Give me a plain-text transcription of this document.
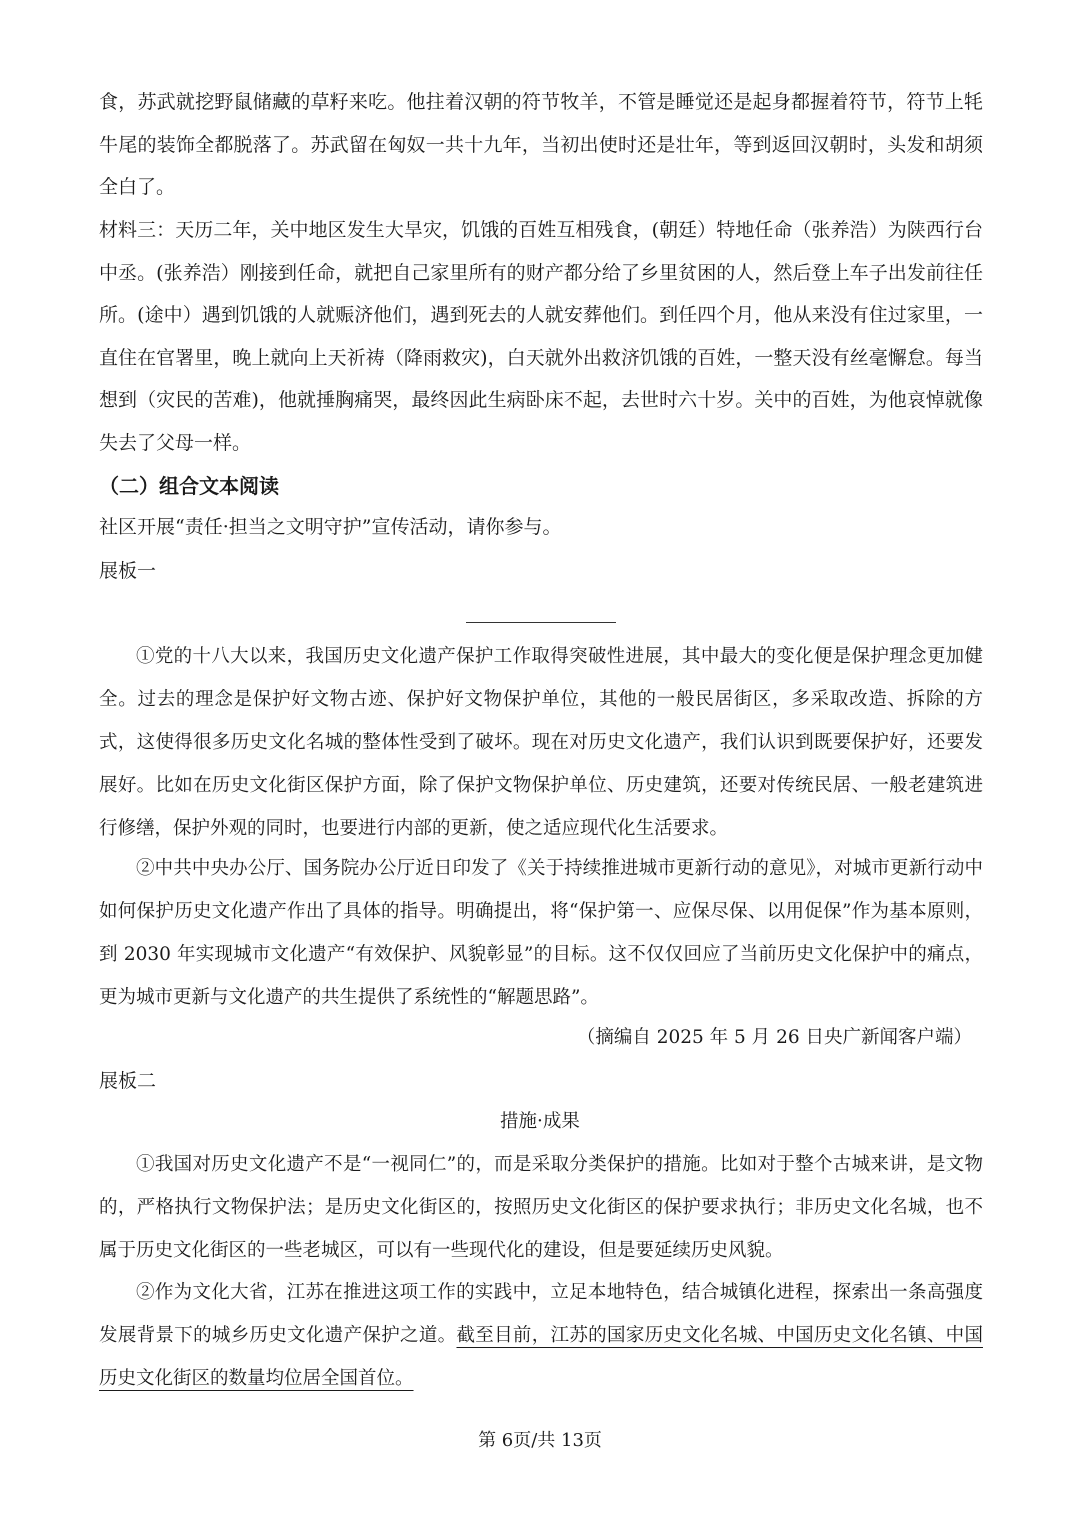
食，苏武就挖野鼠储藏的草籽来吃。他拄着汉朝的符节牧羊，不管是睡觉还是起身都握着符节，符节上牦牛尾的装饰全都脱落了。苏武留在匈奴一共十九年，当初出使时还是壮年，等到返回汉朝时，头发和胡须全白了。

材料三：天历二年，关中地区发生大旱灾，饥饿的百姓互相残食，(朝廷）特地任命（张养浩）为陕西行台中丞。(张养浩）刚接到任命，就把自己家里所有的财产都分给了乡里贫困的人，然后登上车子出发前往任所。(途中）遇到饥饿的人就赈济他们，遇到死去的人就安葬他们。到任四个月，他从来没有住过家里，一直住在官署里，晚上就向上天祈祷（降雨救灾)，白天就外出救济饥饿的百姓，一整天没有丝毫懈怠。每当想到（灾民的苦难)，他就捶胸痛哭，最终因此生病卧床不起，去世时六十岁。关中的百姓，为他哀悼就像失去了父母一样。

（二）组合文本阅读
社区开展“责任·担当之文明守护”宣传活动，请你参与。
展板一

①党的十八大以来，我国历史文化遗产保护工作取得突破性进展，其中最大的变化便是保护理念更加健全。过去的理念是保护好文物古迹、保护好文物保护单位，其他的一般民居街区，多采取改造、拆除的方式，这使得很多历史文化名城的整体性受到了破坏。现在对历史文化遗产，我们认识到既要保护好，还要发展好。比如在历史文化街区保护方面，除了保护文物保护单位、历史建筑，还要对传统民居、一般老建筑进行修缮，保护外观的同时，也要进行内部的更新，使之适应现代化生活要求。

②中共中央办公厅、国务院办公厅近日印发了《关于持续推进城市更新行动的意见》，对城市更新行动中如何保护历史文化遗产作出了具体的指导。明确提出，将“保护第一、应保尽保、以用促保”作为基本原则，到 2030 年实现城市文化遗产“有效保护、风貌彰显”的目标。这不仅仅回应了当前历史文化保护中的痛点，更为城市更新与文化遗产的共生提供了系统性的“解题思路”。

（摘编自 2025 年 5 月 26 日央广新闻客户端）
展板二
措施·成果

①我国对历史文化遗产不是“一视同仁”的，而是采取分类保护的措施。比如对于整个古城来讲，是文物的，严格执行文物保护法；是历史文化街区的，按照历史文化街区的保护要求执行；非历史文化名城，也不属于历史文化街区的一些老城区，可以有一些现代化的建设，但是要延续历史风貌。

②作为文化大省，江苏在推进这项工作的实践中，立足本地特色，结合城镇化进程，探索出一条高强度发展背景下的城乡历史文化遗产保护之道。截至目前，江苏的国家历史文化名城、中国历史文化名镇、中国历史文化街区的数量均位居全国首位。

第 6页/共 13页
